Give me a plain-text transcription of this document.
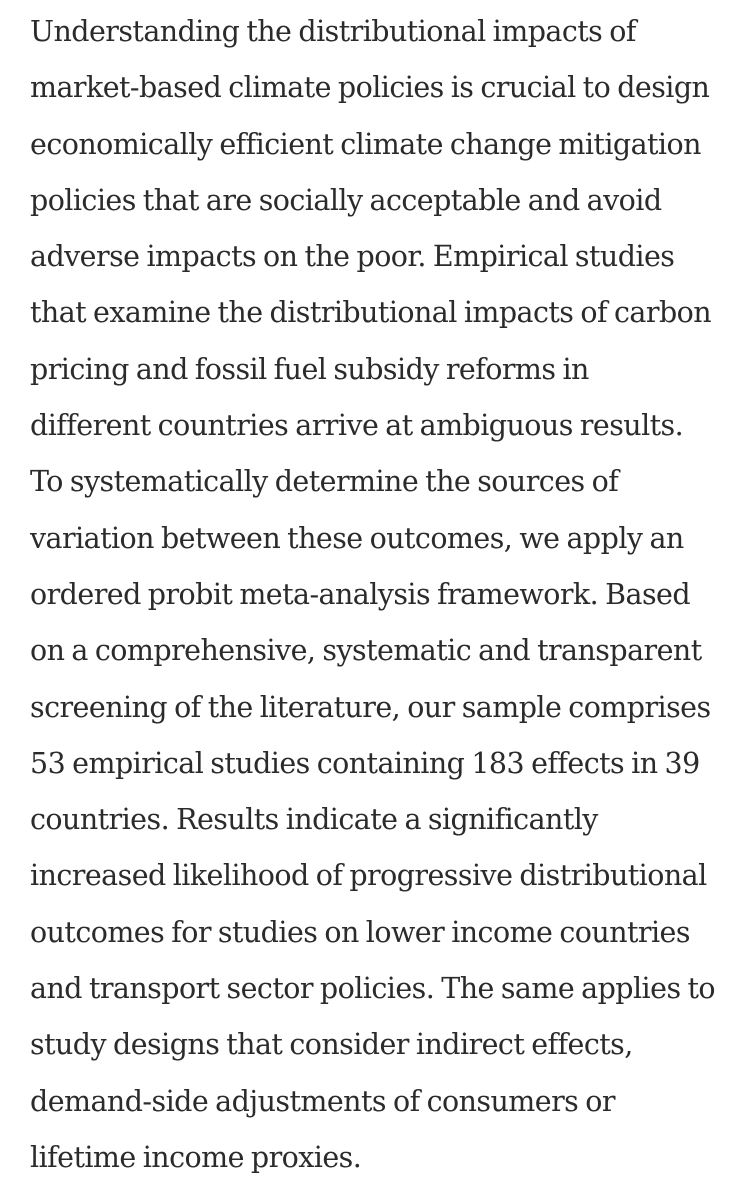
Understanding the distributional impacts of
market-based climate policies is crucial to design
economically efficient climate change mitigation
policies that are socially acceptable and avoid
adverse impacts on the poor. Empirical studies
that examine the distributional impacts of carbon
pricing and fossil fuel subsidy reforms in
different countries arrive at ambiguous results.
To systematically determine the sources of
variation between these outcomes, we apply an
ordered probit meta-analysis framework. Based
on a comprehensive, systematic and transparent
screening of the literature, our sample comprises
53 empirical studies containing 183 effects in 39
countries. Results indicate a significantly
increased likelihood of progressive distributional
outcomes for studies on lower income countries
and transport sector policies. The same applies to
study designs that consider indirect effects,
demand-side adjustments of consumers or
lifetime income proxies.
